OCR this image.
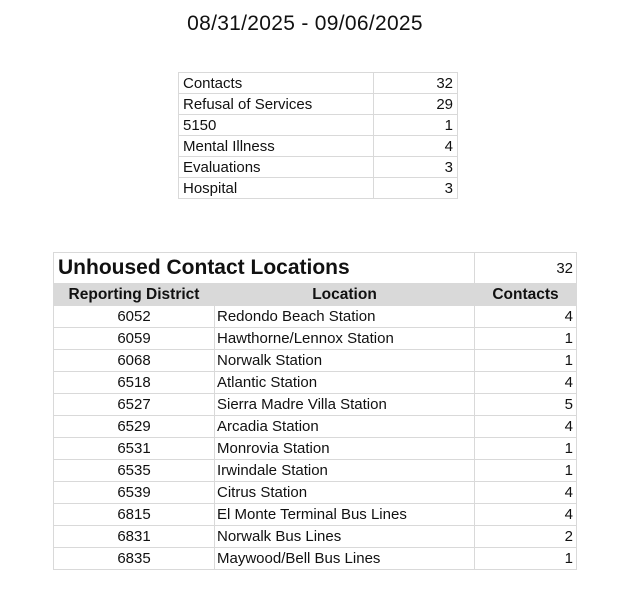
08/31/2025 - 09/06/2025
Contacts	32
Refusal of Services	29
5150	1
Mental Illness	4
Evaluations	3
Hospital	3
Unhoused Contact Locations		32
Reporting District	Location	Contacts
6052	Redondo Beach Station	4
6059	Hawthorne/Lennox Station	1
6068	Norwalk Station	1
6518	Atlantic Station	4
6527	Sierra Madre Villa Station	5
6529	Arcadia Station	4
6531	Monrovia Station	1
6535	Irwindale Station	1
6539	Citrus Station	4
6815	El Monte Terminal Bus Lines	4
6831	Norwalk Bus Lines	2
6835	Maywood/Bell Bus Lines	1
